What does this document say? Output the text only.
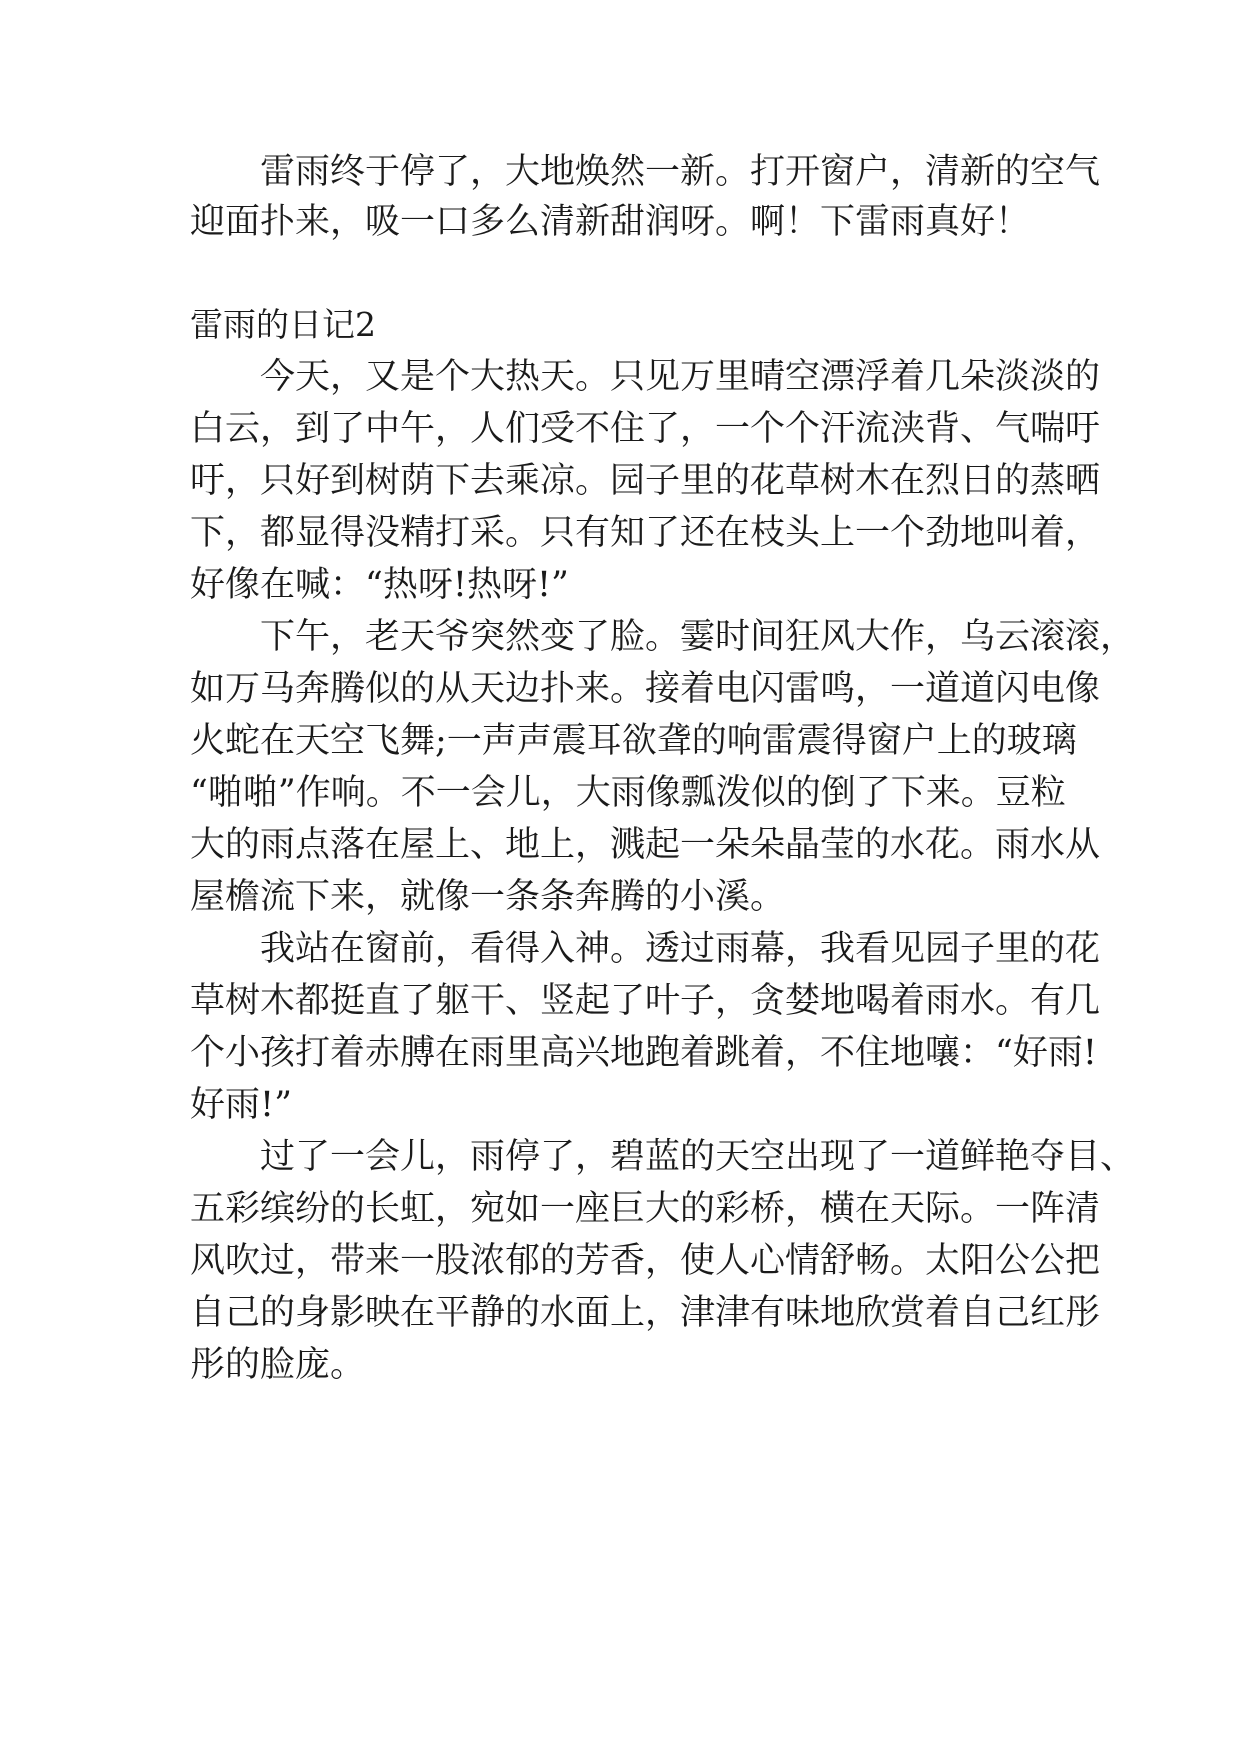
　　雷雨终于停了，大地焕然一新。打开窗户，清新的空气
迎面扑来，吸一口多么清新甜润呀。啊！下雷雨真好！
雷雨的日记2
　　今天，又是个大热天。只见万里晴空漂浮着几朵淡淡的
白云，到了中午，人们受不住了，一个个汗流浃背、气喘吁
吁，只好到树荫下去乘凉。园子里的花草树木在烈日的蒸晒
下，都显得没精打采。只有知了还在枝头上一个劲地叫着，
好像在喊：“热呀!热呀!”
　　下午，老天爷突然变了脸。霎时间狂风大作，乌云滚滚，
如万马奔腾似的从天边扑来。接着电闪雷鸣，一道道闪电像
火蛇在天空飞舞;一声声震耳欲聋的响雷震得窗户上的玻璃
“啪啪”作响。不一会儿，大雨像瓢泼似的倒了下来。豆粒
大的雨点落在屋上、地上，溅起一朵朵晶莹的水花。雨水从
屋檐流下来，就像一条条奔腾的小溪。
　　我站在窗前，看得入神。透过雨幕，我看见园子里的花
草树木都挺直了躯干、竖起了叶子，贪婪地喝着雨水。有几
个小孩打着赤膊在雨里高兴地跑着跳着，不住地嚷：“好雨!
好雨!”
　　过了一会儿，雨停了，碧蓝的天空出现了一道鲜艳夺目、
五彩缤纷的长虹，宛如一座巨大的彩桥，横在天际。一阵清
风吹过，带来一股浓郁的芳香，使人心情舒畅。太阳公公把
自己的身影映在平静的水面上，津津有味地欣赏着自己红彤
彤的脸庞。
